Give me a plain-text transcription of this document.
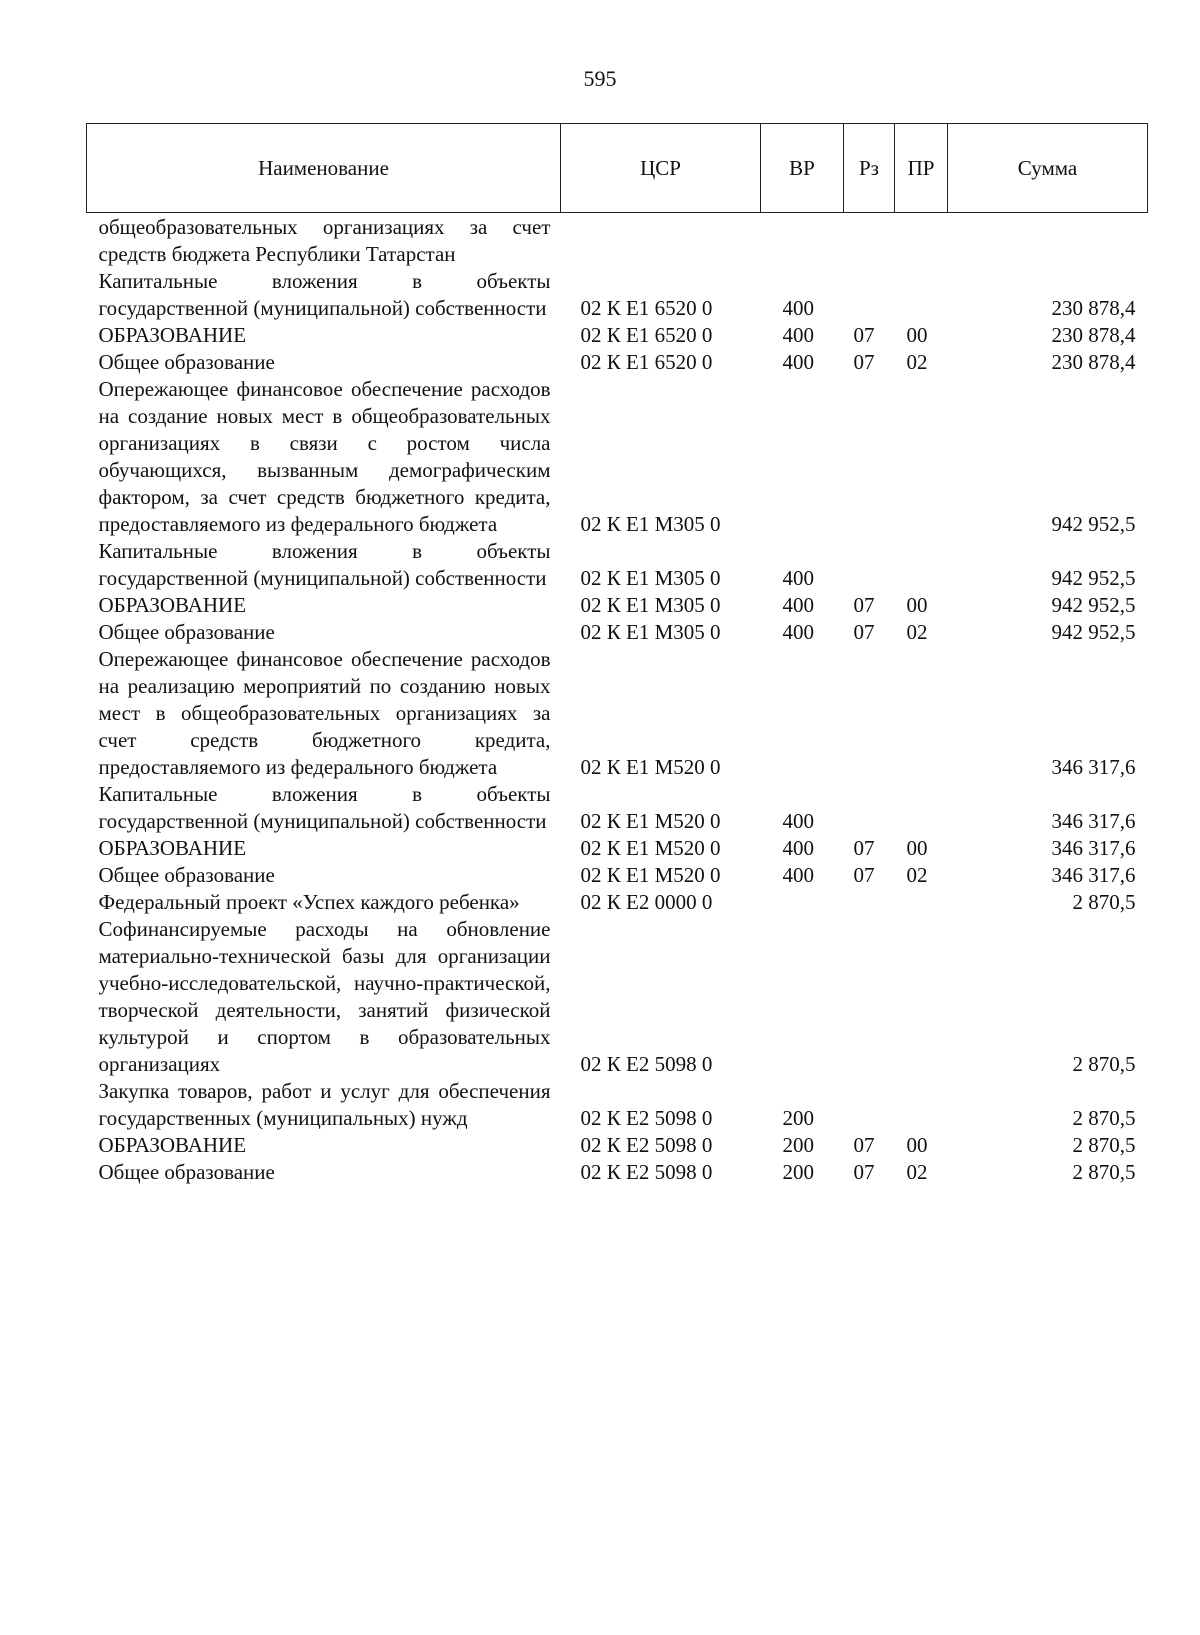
595
Наименование	ЦСР	ВР	Рз	ПР	Сумма
общеобразовательных организациях за счет средств бюджета Республики Татарстан					
Капитальные вложения в объекты государственной (муниципальной) собственности	02 К Е1 6520 0	400			230 878,4
ОБРАЗОВАНИЕ	02 К Е1 6520 0	400	07	00	230 878,4
Общее образование	02 К Е1 6520 0	400	07	02	230 878,4
Опережающее финансовое обеспечение расходов на создание новых мест в общеобразовательных организациях в связи с ростом числа обучающихся, вызванным демографическим фактором, за счет средств бюджетного кредита, предоставляемого из федерального бюджета	02 К Е1 М305 0				942 952,5
Капитальные вложения в объекты государственной (муниципальной) собственности	02 К Е1 М305 0	400			942 952,5
ОБРАЗОВАНИЕ	02 К Е1 М305 0	400	07	00	942 952,5
Общее образование	02 К Е1 М305 0	400	07	02	942 952,5
Опережающее финансовое обеспечение расходов на реализацию мероприятий по созданию новых мест в общеобразовательных организациях за счет средств бюджетного кредита, предоставляемого из федерального бюджета	02 К Е1 М520 0				346 317,6
Капитальные вложения в объекты государственной (муниципальной) собственности	02 К Е1 М520 0	400			346 317,6
ОБРАЗОВАНИЕ	02 К Е1 М520 0	400	07	00	346 317,6
Общее образование	02 К Е1 М520 0	400	07	02	346 317,6
Федеральный проект «Успех каждого ребенка»	02 К Е2 0000 0				2 870,5
Софинансируемые расходы на обновление материально-технической базы для организации учебно-исследовательской, научно-практической, творческой деятельности, занятий физической культурой и спортом в образовательных организациях	02 К Е2 5098 0				2 870,5
Закупка товаров, работ и услуг для обеспечения государственных (муниципальных) нужд	02 К Е2 5098 0	200			2 870,5
ОБРАЗОВАНИЕ	02 К Е2 5098 0	200	07	00	2 870,5
Общее образование	02 К Е2 5098 0	200	07	02	2 870,5
